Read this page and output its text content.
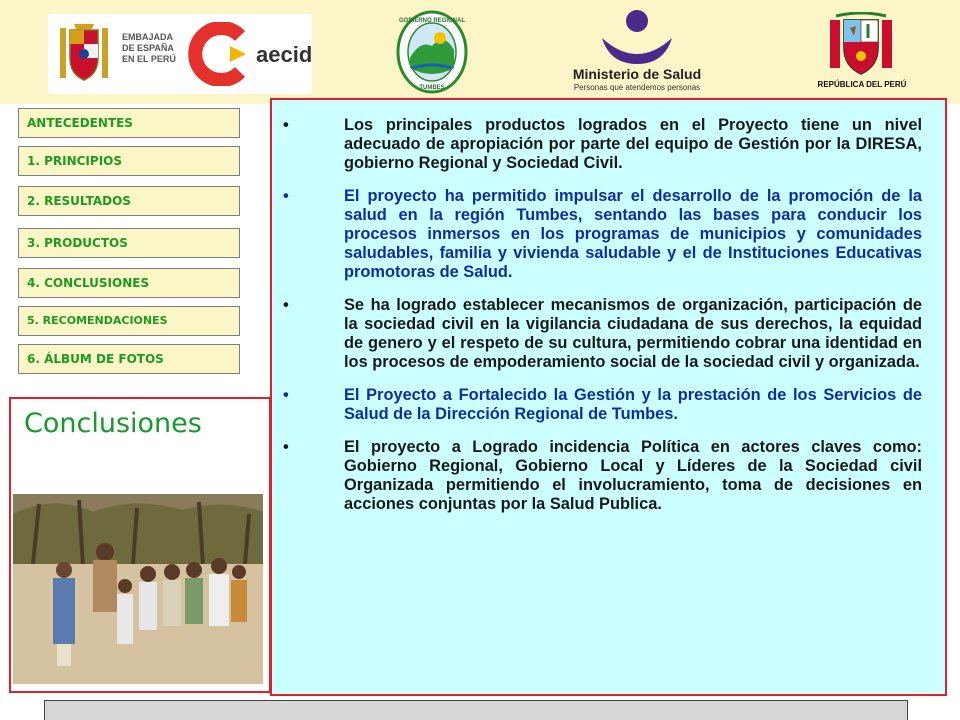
EMBAJADA
DE ESPAÑA
EN EL PERÚ	aecid
GOBIERNO REGIONAL
TUMBES
Ministerio de Salud
Personas que atendemos personas	REPÚBLICA DEL PERÚ
ANTECEDENTES
1. PRINCIPIOS
2. RESULTADOS
3. PRODUCTOS
4. CONCLUSIONES
5. RECOMENDACIONES
6. ÁLBUM DE FOTOS
Conclusiones
•	Los principales productos logrados en el Proyecto tiene un nivel adecuado de apropiación por parte del equipo de Gestión por la DIRESA, gobierno Regional y Sociedad Civil.
•	El proyecto ha permitido impulsar el desarrollo de la promoción de la salud en la región Tumbes, sentando las bases para conducir los procesos inmersos en los programas de municipios y comunidades saludables, familia y vivienda saludable y el de Instituciones Educativas promotoras de Salud.
•	Se ha logrado establecer mecanismos de organización, participación de la sociedad civil en la vigilancia ciudadana de sus derechos, la equidad de genero y el respeto de su cultura, permitiendo cobrar una identidad en los procesos de empoderamiento social de la sociedad civil y organizada.
•	El Proyecto a Fortalecido la Gestión y la prestación de los Servicios de Salud de la Dirección Regional de Tumbes.
•	El proyecto a Logrado incidencia Política en actores claves como: Gobierno Regional, Gobierno Local y Líderes de la Sociedad civil Organizada permitiendo el involucramiento, toma de decisiones en acciones conjuntas por la Salud Publica.
